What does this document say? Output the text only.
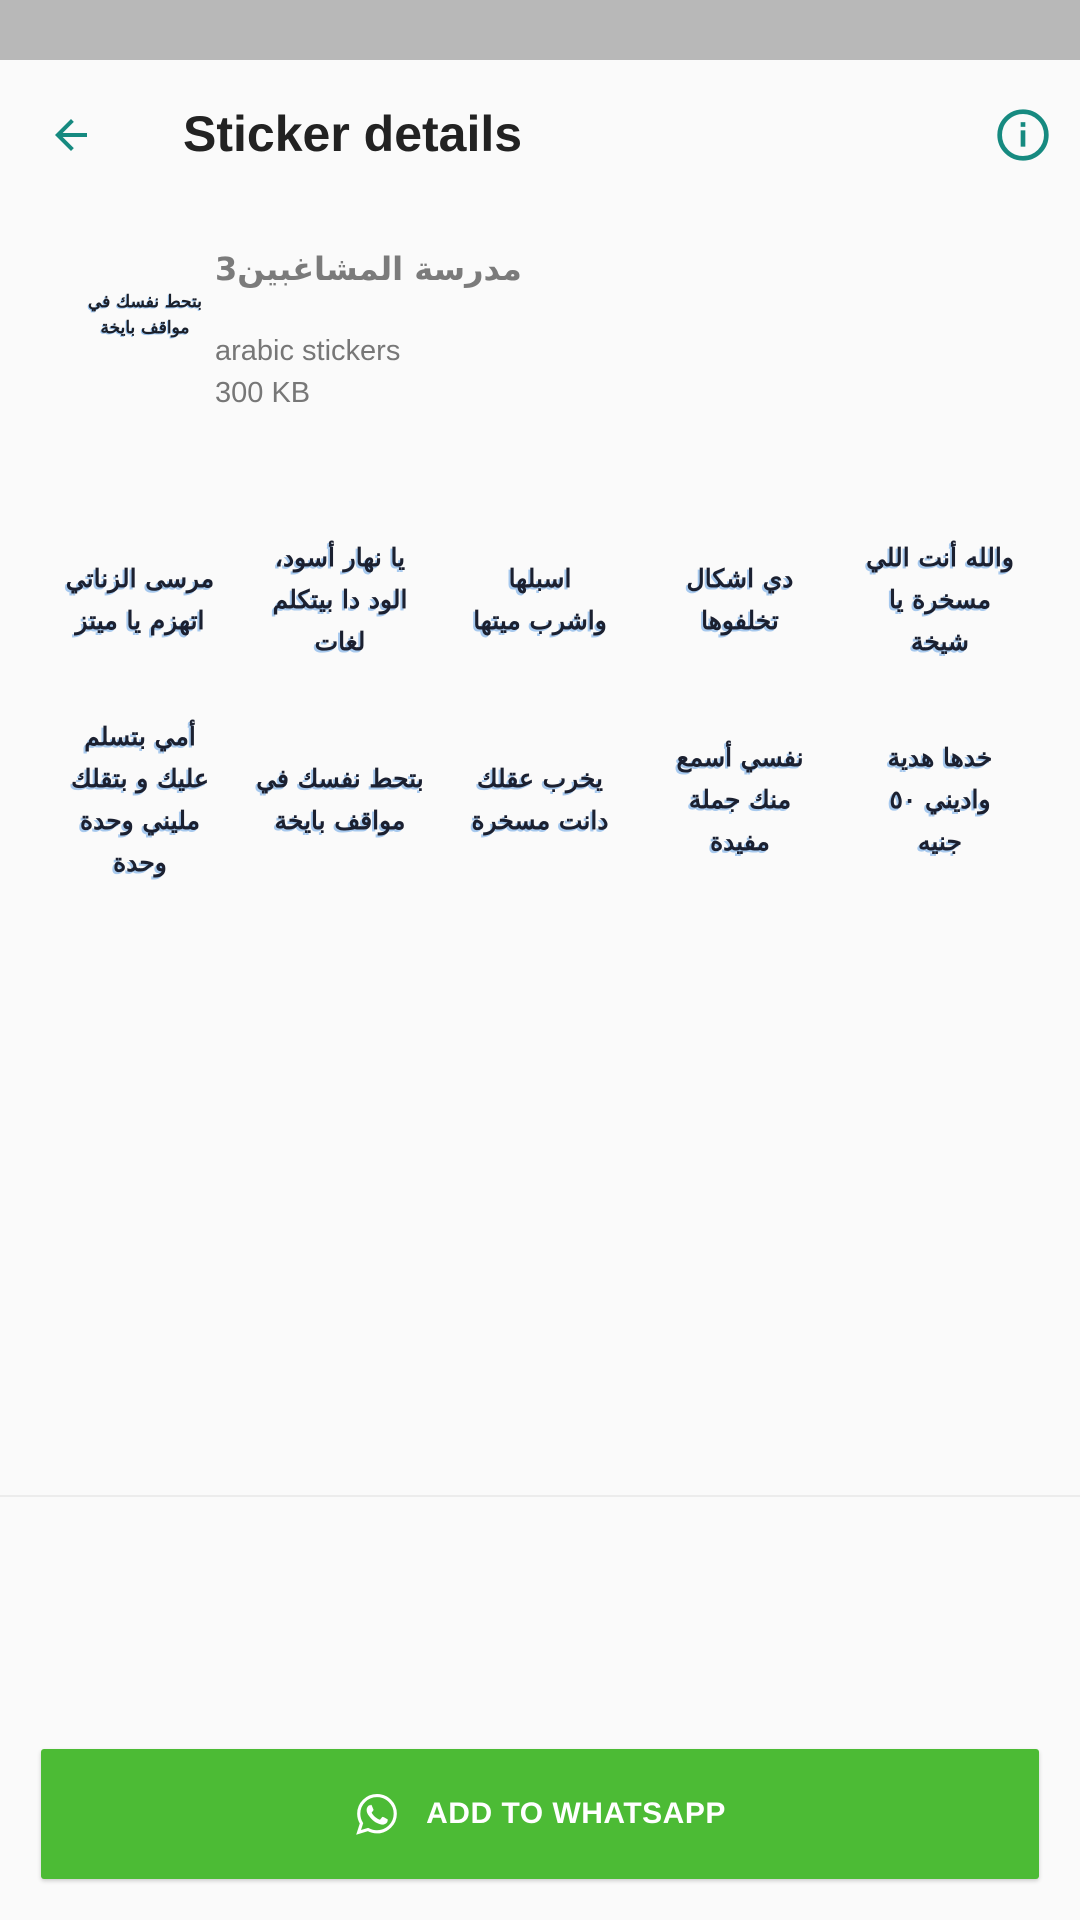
Sticker details
بتحط نفسك في
مواقف بايخة
مدرسة المشاغبين3
arabic stickers
300 KB
مرسى الزناتي
اتهزم يا ميتز
يا نهار أسود،
الود دا بيتكلم
لغات
اسبلها
واشرب ميتها
دي اشكال
تخلفوها
والله أنت اللي
مسخرة يا
شيخة
أمي بتسلم
عليك و بتقلك
مليني وحدة
وحدة
بتحط نفسك في
مواقف بايخة
يخرب عقلك
دانت مسخرة
نفسي أسمع
منك جملة
مفيدة
خدها هدية
واديني ٥٠
جنيه
ADD TO WHATSAPP
